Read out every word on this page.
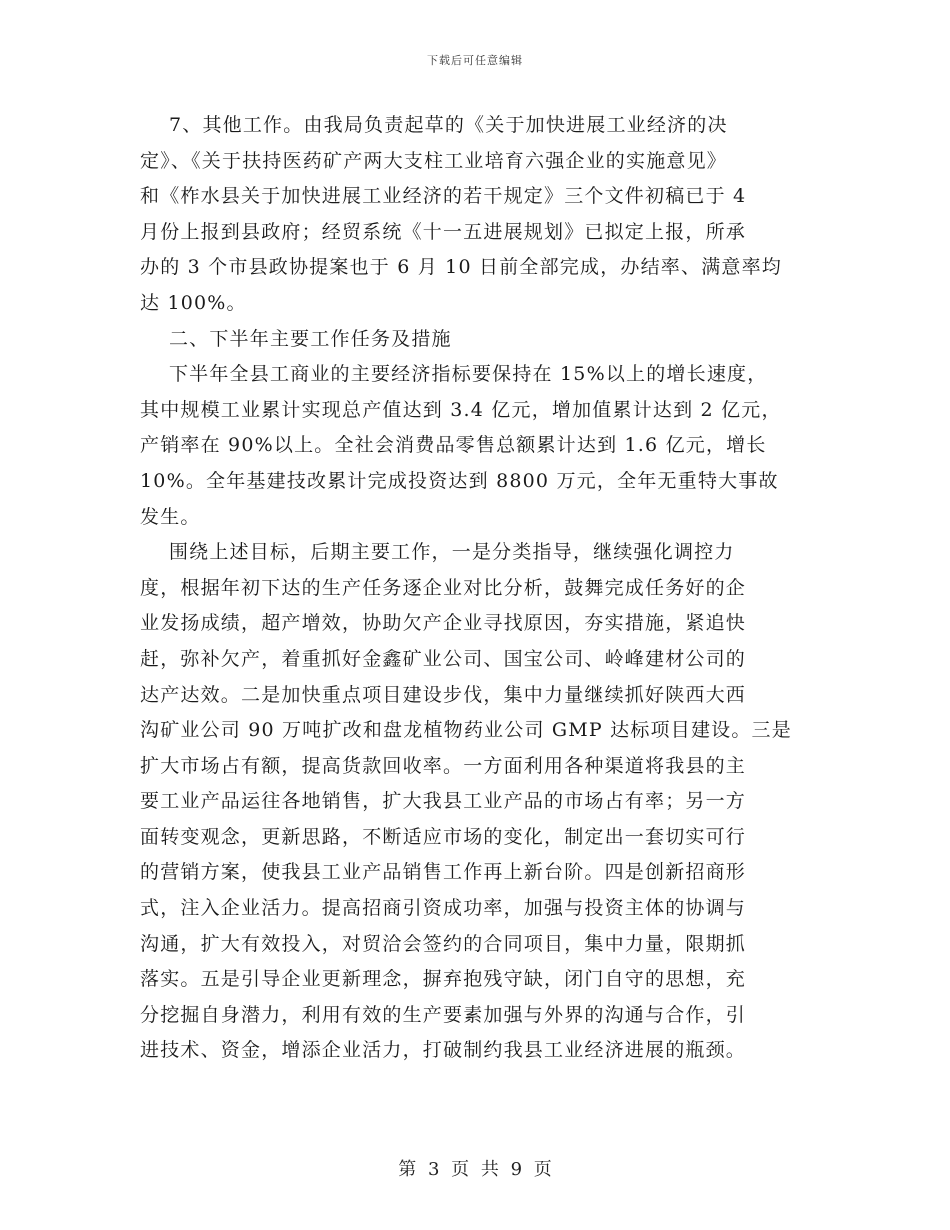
下载后可任意编辑
7、其他工作。由我局负责起草的《关于加快进展工业经济的决
定》、《关于扶持医药矿产两大支柱工业培育六强企业的实施意见》
和《柞水县关于加快进展工业经济的若干规定》三个文件初稿已于 4
月份上报到县政府；经贸系统《十一五进展规划》已拟定上报，所承
办的 3 个市县政协提案也于 6 月 10 日前全部完成，办结率、满意率均
达 100%。
二、下半年主要工作任务及措施
下半年全县工商业的主要经济指标要保持在 15%以上的增长速度，
其中规模工业累计实现总产值达到 3.4 亿元，增加值累计达到 2 亿元，
产销率在 90%以上。全社会消费品零售总额累计达到 1.6 亿元，增长
10%。全年基建技改累计完成投资达到 8800 万元，全年无重特大事故
发生。
围绕上述目标，后期主要工作，一是分类指导，继续强化调控力
度，根据年初下达的生产任务逐企业对比分析，鼓舞完成任务好的企
业发扬成绩，超产增效，协助欠产企业寻找原因，夯实措施，紧追快
赶，弥补欠产，着重抓好金鑫矿业公司、国宝公司、岭峰建材公司的
达产达效。二是加快重点项目建设步伐，集中力量继续抓好陕西大西
沟矿业公司 90 万吨扩改和盘龙植物药业公司 GMP 达标项目建设。三是
扩大市场占有额，提高货款回收率。一方面利用各种渠道将我县的主
要工业产品运往各地销售，扩大我县工业产品的市场占有率；另一方
面转变观念，更新思路，不断适应市场的变化，制定出一套切实可行
的营销方案，使我县工业产品销售工作再上新台阶。四是创新招商形
式，注入企业活力。提高招商引资成功率，加强与投资主体的协调与
沟通，扩大有效投入，对贸洽会签约的合同项目，集中力量，限期抓
落实。五是引导企业更新理念，摒弃抱残守缺，闭门自守的思想，充
分挖掘自身潜力，利用有效的生产要素加强与外界的沟通与合作，引
进技术、资金，增添企业活力，打破制约我县工业经济进展的瓶颈。
第 3 页 共 9 页
